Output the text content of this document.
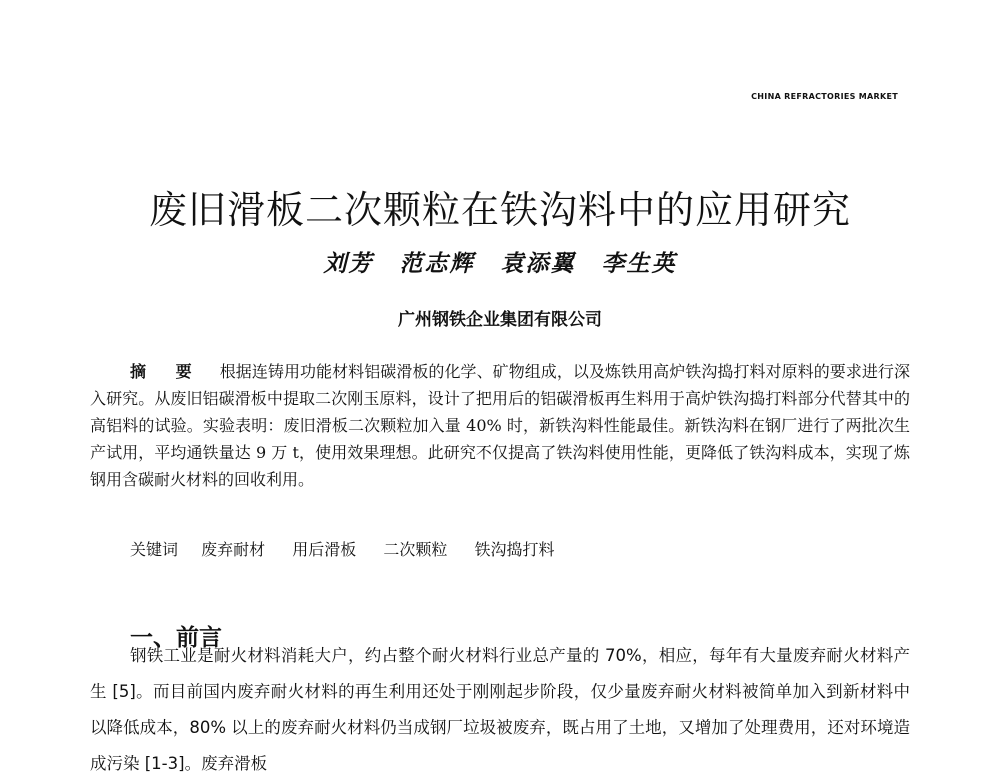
CHINA REFRACTORIES MARKET
废旧滑板二次颗粒在铁沟料中的应用研究
刘芳 范志辉 袁添翼 李生英
广州钢铁企业集团有限公司

摘 要 根据连铸用功能材料铝碳滑板的化学、矿物组成，以及炼铁用高炉铁沟捣打料对原料的要求进行深入研究。从废旧铝碳滑板中提取二次刚玉原料，设计了把用后的铝碳滑板再生料用于高炉铁沟捣打料部分代替其中的高铝料的试验。实验表明：废旧滑板二次颗粒加入量 40% 时，新铁沟料性能最佳。新铁沟料在钢厂进行了两批次生产试用，平均通铁量达 9 万 t，使用效果理想。此研究不仅提高了铁沟料使用性能，更降低了铁沟料成本，实现了炼钢用含碳耐火材料的回收利用。

关键词 废弃耐材 用后滑板 二次颗粒 铁沟捣打料
一、前言

钢铁工业是耐火材料消耗大户，约占整个耐火材料行业总产量的 70%，相应，每年有大量废弃耐火材料产生 [5]。而目前国内废弃耐火材料的再生利用还处于刚刚起步阶段，仅少量废弃耐火材料被简单加入到新材料中以降低成本，80% 以上的废弃耐火材料仍当成钢厂垃圾被废弃，既占用了土地，又增加了处理费用，还对环境造成污染 [1-3]。废弃滑板
